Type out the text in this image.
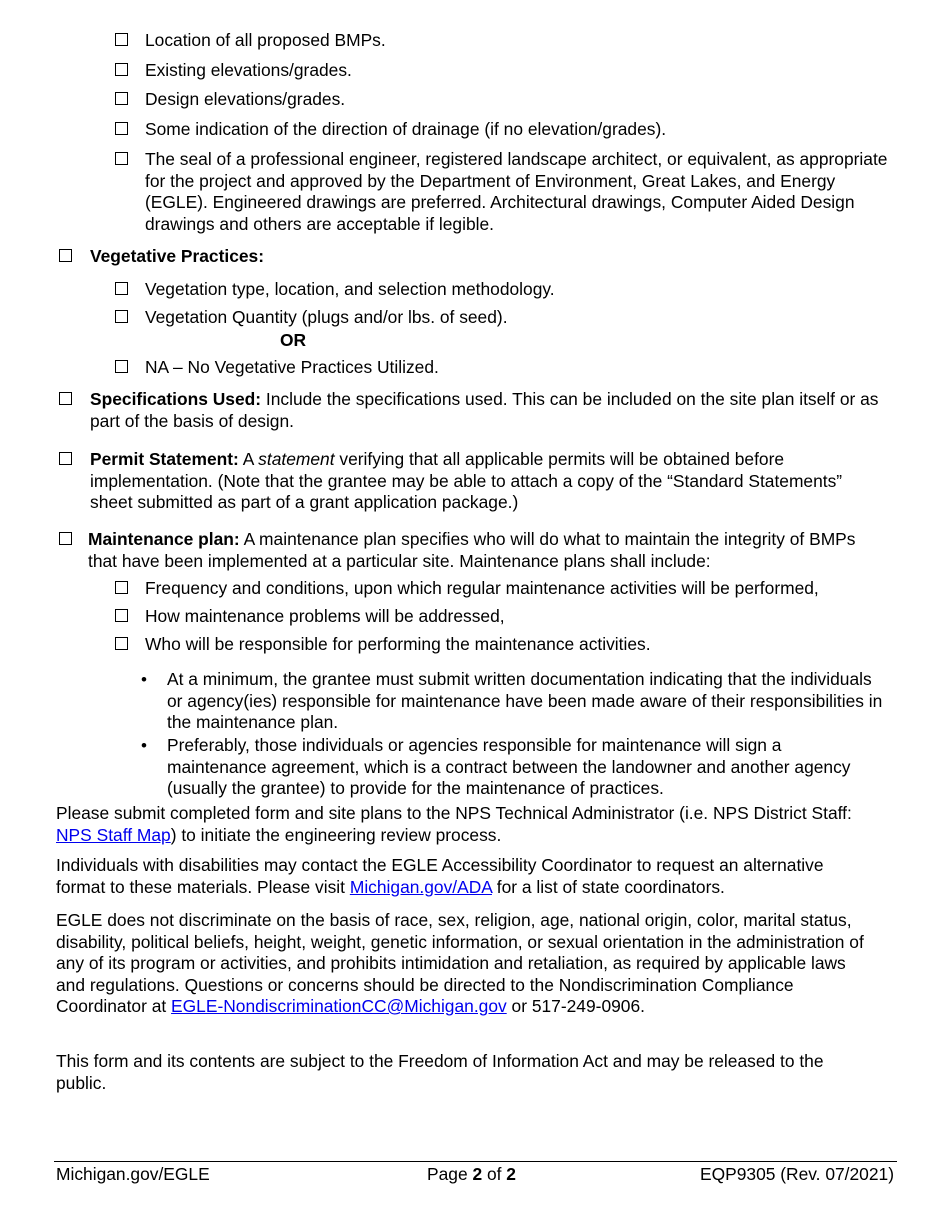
Location of all proposed BMPs.
Existing elevations/grades.
Design elevations/grades.
Some indication of the direction of drainage (if no elevation/grades).
The seal of a professional engineer, registered landscape architect, or equivalent, as appropriate for the project and approved by the Department of Environment, Great Lakes, and Energy (EGLE). Engineered drawings are preferred. Architectural drawings, Computer Aided Design drawings and others are acceptable if legible.
Vegetative Practices:
Vegetation type, location, and selection methodology.
Vegetation Quantity (plugs and/or lbs. of seed).
OR
NA – No Vegetative Practices Utilized.
Specifications Used: Include the specifications used. This can be included on the site plan itself or as part of the basis of design.
Permit Statement: A statement verifying that all applicable permits will be obtained before implementation. (Note that the grantee may be able to attach a copy of the “Standard Statements” sheet submitted as part of a grant application package.)
Maintenance plan: A maintenance plan specifies who will do what to maintain the integrity of BMPs that have been implemented at a particular site. Maintenance plans shall include:
Frequency and conditions, upon which regular maintenance activities will be performed,
How maintenance problems will be addressed,
Who will be responsible for performing the maintenance activities.
• At a minimum, the grantee must submit written documentation indicating that the individuals or agency(ies) responsible for maintenance have been made aware of their responsibilities in the maintenance plan.
• Preferably, those individuals or agencies responsible for maintenance will sign a maintenance agreement, which is a contract between the landowner and another agency (usually the grantee) to provide for the maintenance of practices.
Please submit completed form and site plans to the NPS Technical Administrator (i.e. NPS District Staff: NPS Staff Map) to initiate the engineering review process.
Individuals with disabilities may contact the EGLE Accessibility Coordinator to request an alternative format to these materials. Please visit Michigan.gov/ADA for a list of state coordinators.
EGLE does not discriminate on the basis of race, sex, religion, age, national origin, color, marital status, disability, political beliefs, height, weight, genetic information, or sexual orientation in the administration of any of its program or activities, and prohibits intimidation and retaliation, as required by applicable laws and regulations. Questions or concerns should be directed to the Nondiscrimination Compliance Coordinator at EGLE-NondiscriminationCC@Michigan.gov or 517-249-0906.
This form and its contents are subject to the Freedom of Information Act and may be released to the public.
Michigan.gov/EGLE	Page 2 of 2	EQP9305 (Rev. 07/2021)
